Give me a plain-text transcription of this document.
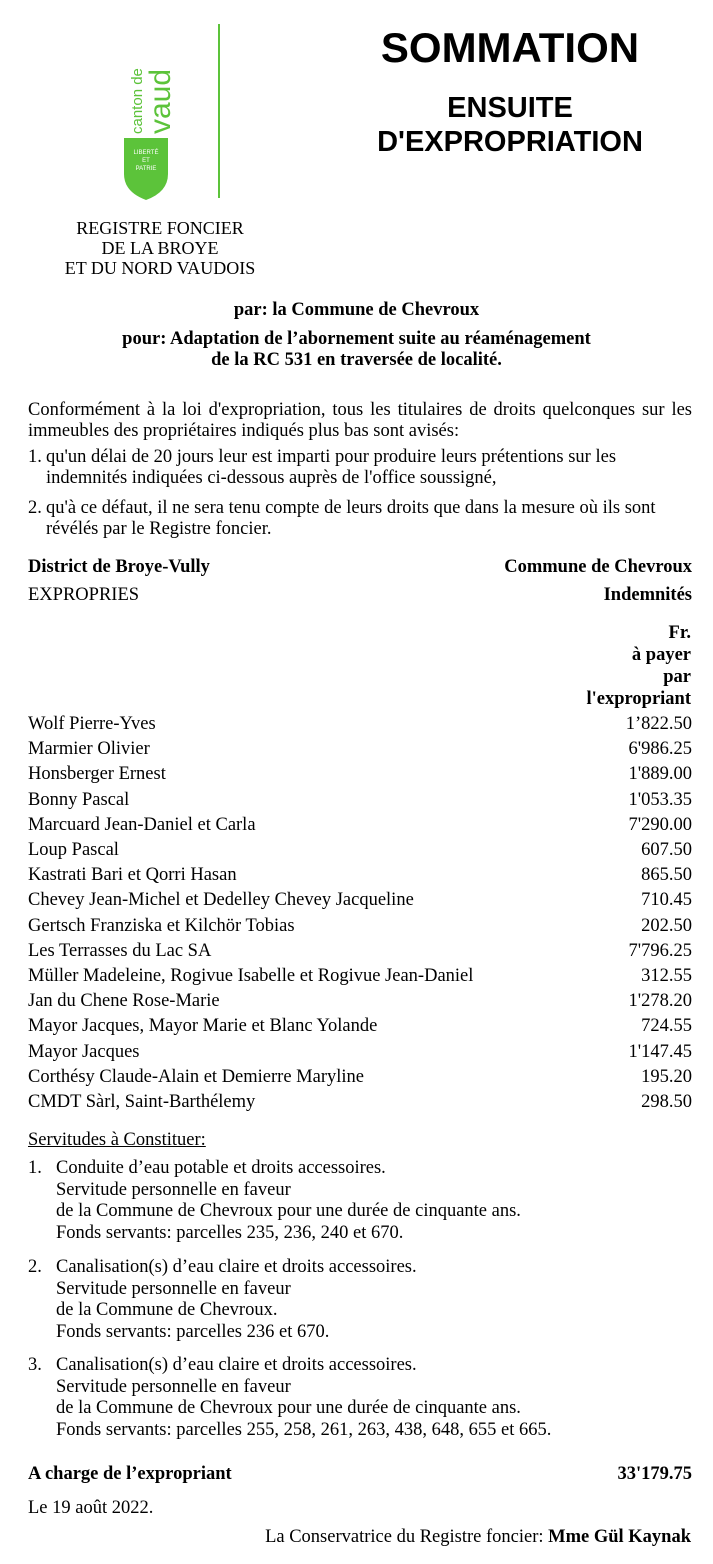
canton de
vaud
LIBERTÉ
ET
PATRIE
REGISTRE FONCIER
DE LA BROYE
ET DU NORD VAUDOIS
SOMMATION
ENSUITE
D'EXPROPRIATION
par: la Commune de Chevroux
pour: Adaptation de l’abornement suite au réaménagement
de la RC 531 en traversée de localité.
Conformément à la loi d'expropriation, tous les titulaires de droits quelconques sur les immeubles des propriétaires indiqués plus bas sont avisés:
1. qu'un délai de 20 jours leur est imparti pour produire leurs prétentions sur les indemnités indiquées ci-dessous auprès de l'office soussigné,
2. qu'à ce défaut, il ne sera tenu compte de leurs droits que dans la mesure où ils sont révélés par le Registre foncier.
District de Broye-Vully	Commune de Chevroux
EXPROPRIES	Indemnités
Fr.
à payer
par
l'expropriant
Wolf Pierre-Yves	1’822.50
Marmier Olivier	6'986.25
Honsberger Ernest	1'889.00
Bonny Pascal	1'053.35
Marcuard Jean-Daniel et Carla	7'290.00
Loup Pascal	607.50
Kastrati Bari et Qorri Hasan	865.50
Chevey Jean-Michel et Dedelley Chevey Jacqueline	710.45
Gertsch Franziska et Kilchör Tobias	202.50
Les Terrasses du Lac SA	7'796.25
Müller Madeleine, Rogivue Isabelle et Rogivue Jean-Daniel	312.55
Jan du Chene Rose-Marie	1'278.20
Mayor Jacques, Mayor Marie et Blanc Yolande	724.55
Mayor Jacques	1'147.45
Corthésy Claude-Alain et Demierre Maryline	195.20
CMDT Sàrl, Saint-Barthélemy	298.50
Servitudes à Constituer:
1. Conduite d’eau potable et droits accessoires.
Servitude personnelle en faveur
de la Commune de Chevroux pour une durée de cinquante ans.
Fonds servants: parcelles 235, 236, 240 et 670.
2. Canalisation(s) d’eau claire et droits accessoires.
Servitude personnelle en faveur
de la Commune de Chevroux.
Fonds servants: parcelles 236 et 670.
3. Canalisation(s) d’eau claire et droits accessoires.
Servitude personnelle en faveur
de la Commune de Chevroux pour une durée de cinquante ans.
Fonds servants: parcelles 255, 258, 261, 263, 438, 648, 655 et 665.
A charge de l’expropriant	33'179.75
Le 19 août 2022.
La Conservatrice du Registre foncier: Mme Gül Kaynak
